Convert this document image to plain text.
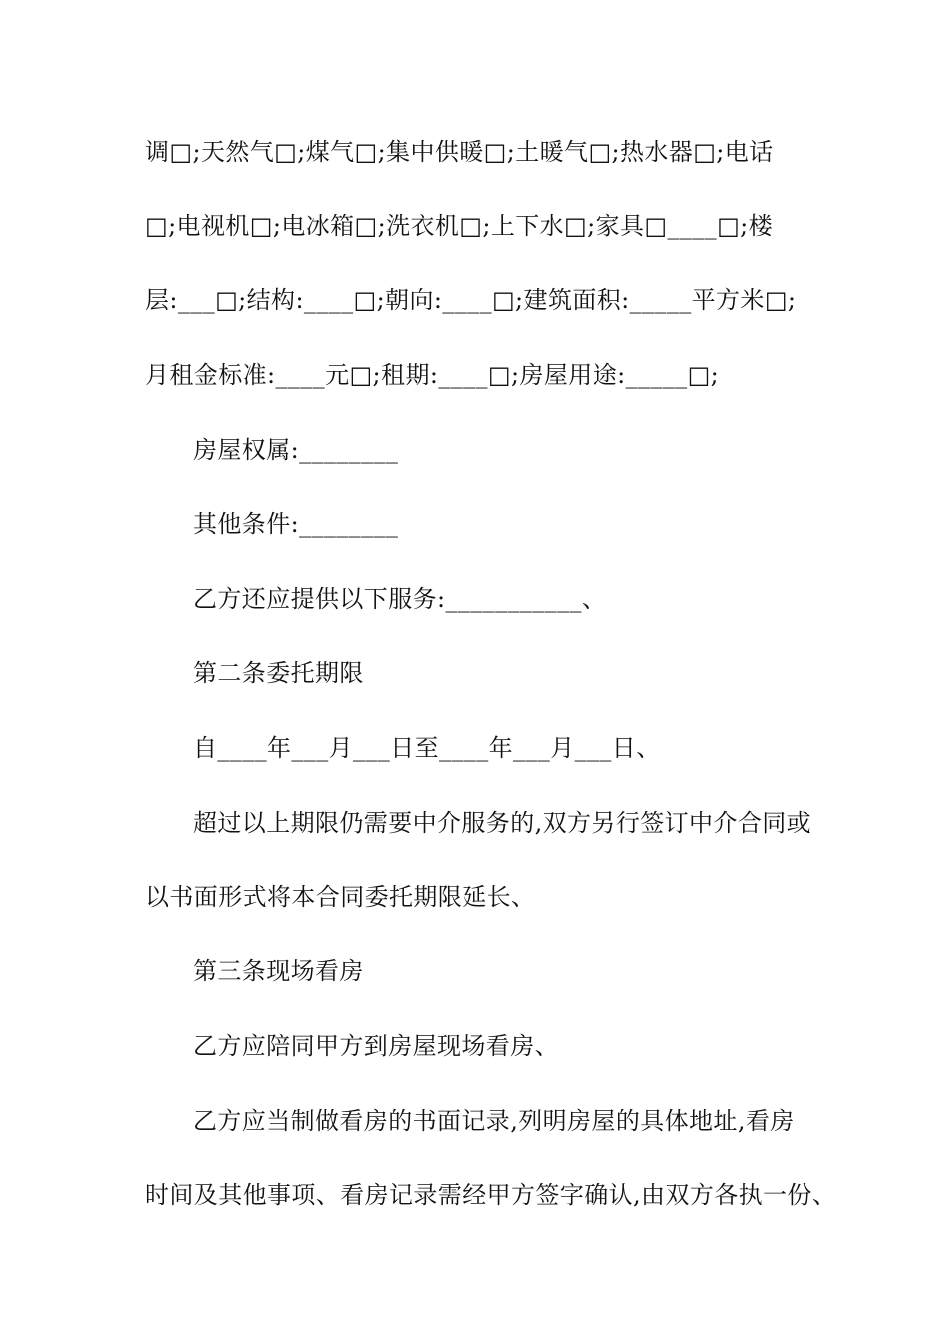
调□;天然气□;煤气□;集中供暖□;土暖气□;热水器□;电话
□;电视机□;电冰箱□;洗衣机□;上下水□;家具□____□;楼
层:___□;结构:____□;朝向:____□;建筑面积:_____平方米□;
月租金标准:____元□;租期:____□;房屋用途:_____□;
房屋权属:________
其他条件:________
乙方还应提供以下服务:___________、
第二条委托期限
自____年___月___日至____年___月___日、
超过以上期限仍需要中介服务的,双方另行签订中介合同或
以书面形式将本合同委托期限延长、
第三条现场看房
乙方应陪同甲方到房屋现场看房、
乙方应当制做看房的书面记录,列明房屋的具体地址,看房
时间及其他事项、看房记录需经甲方签字确认,由双方各执一份、
